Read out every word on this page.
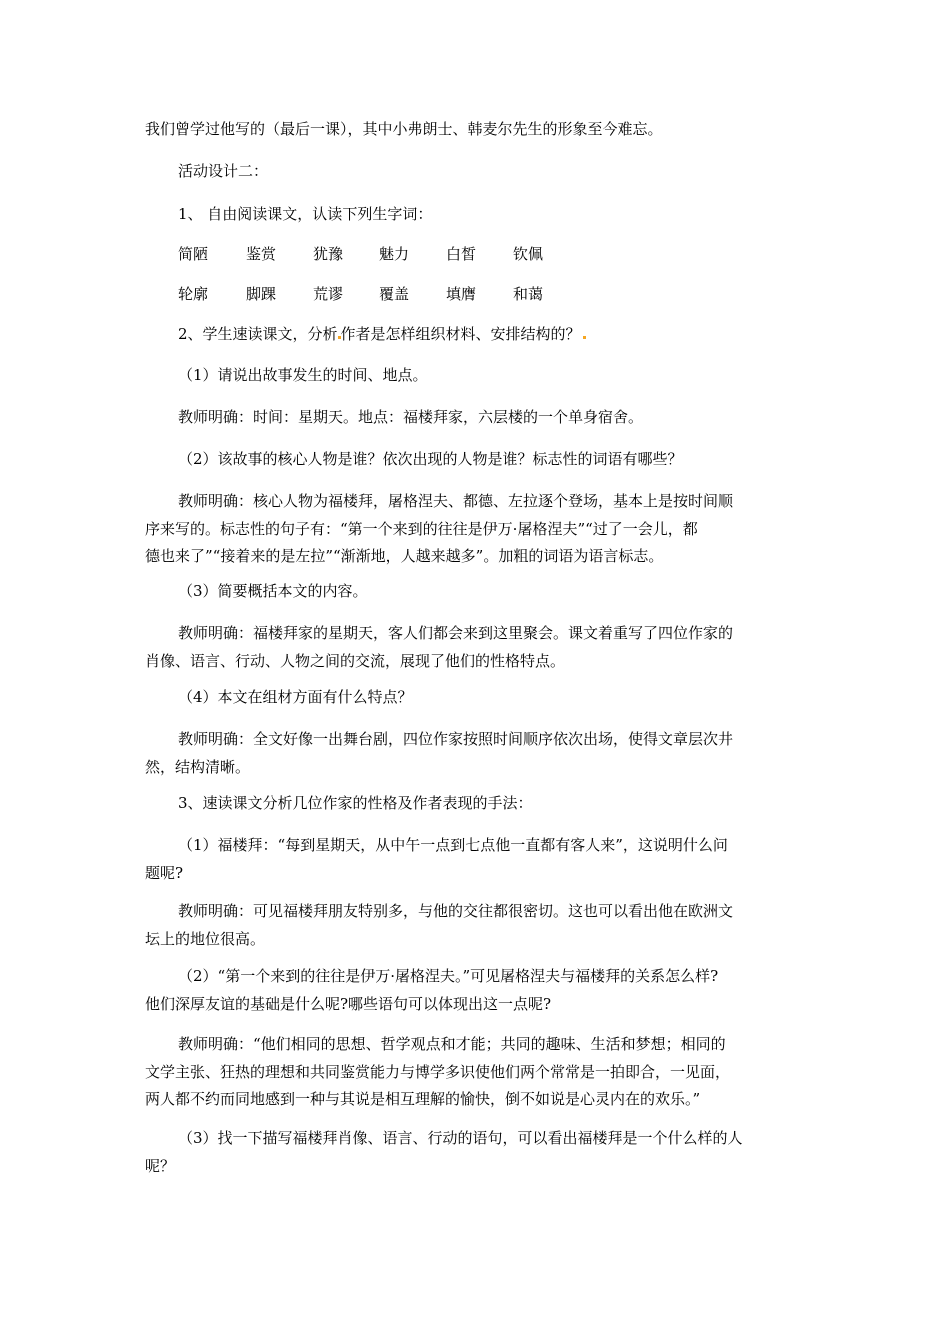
我们曾学过他写的（最后一课），其中小弗朗士、韩麦尔先生的形象至今难忘。
活动设计二：
1、 自由阅读课文，认读下列生字词：
简陋	鉴赏 犹豫 魅力 白皙 钦佩
轮廓	脚踝 荒谬 覆盖 填膺 和蔼
2、学生速读课文，分析 作者是怎样组织材料、安排结构的？
（1）请说出故事发生的时间、地点。
教师明确：时间：星期天。地点：福楼拜家，六层楼的一个单身宿舍。
（2）该故事的核心人物是谁？依次出现的人物是谁？标志性的词语有哪些？
教师明确：核心人物为福楼拜，屠格涅夫、都德、左拉逐个登场，基本上是按时间顺
序来写的。标志性的句子有：“第一个来到的往往是伊万·屠格涅夫”“过了一会儿，都
德也来了”“接着来的是左拉”“渐渐地，人越来越多”。加粗的词语为语言标志。
（3）简要概括本文的内容。
教师明确：福楼拜家的星期天，客人们都会来到这里聚会。课文着重写了四位作家的
肖像、语言、行动、人物之间的交流，展现了他们的性格特点。
（4）本文在组材方面有什么特点？
教师明确：全文好像一出舞台剧，四位作家按照时间顺序依次出场，使得文章层次井
然，结构清晰。
3、速读课文分析几位作家的性格及作者表现的手法：
（1）福楼拜：“每到星期天，从中午一点到七点他一直都有客人来”，这说明什么问
题呢?
教师明确：可见福楼拜朋友特别多，与他的交往都很密切。这也可以看出他在欧洲文
坛上的地位很高。
（2）“第一个来到的往往是伊万·屠格涅夫。”可见屠格涅夫与福楼拜的关系怎么样?
他们深厚友谊的基础是什么呢?哪些语句可以体现出这一点呢?
教师明确：“他们相同的思想、哲学观点和才能；共同的趣味、生活和梦想；相同的
文学主张、狂热的理想和共同鉴赏能力与博学多识使他们两个常常是一拍即合，一见面，
两人都不约而同地感到一种与其说是相互理解的愉快，倒不如说是心灵内在的欢乐。”
（3）找一下描写福楼拜肖像、语言、行动的语句，可以看出福楼拜是一个什么样的人
呢？
